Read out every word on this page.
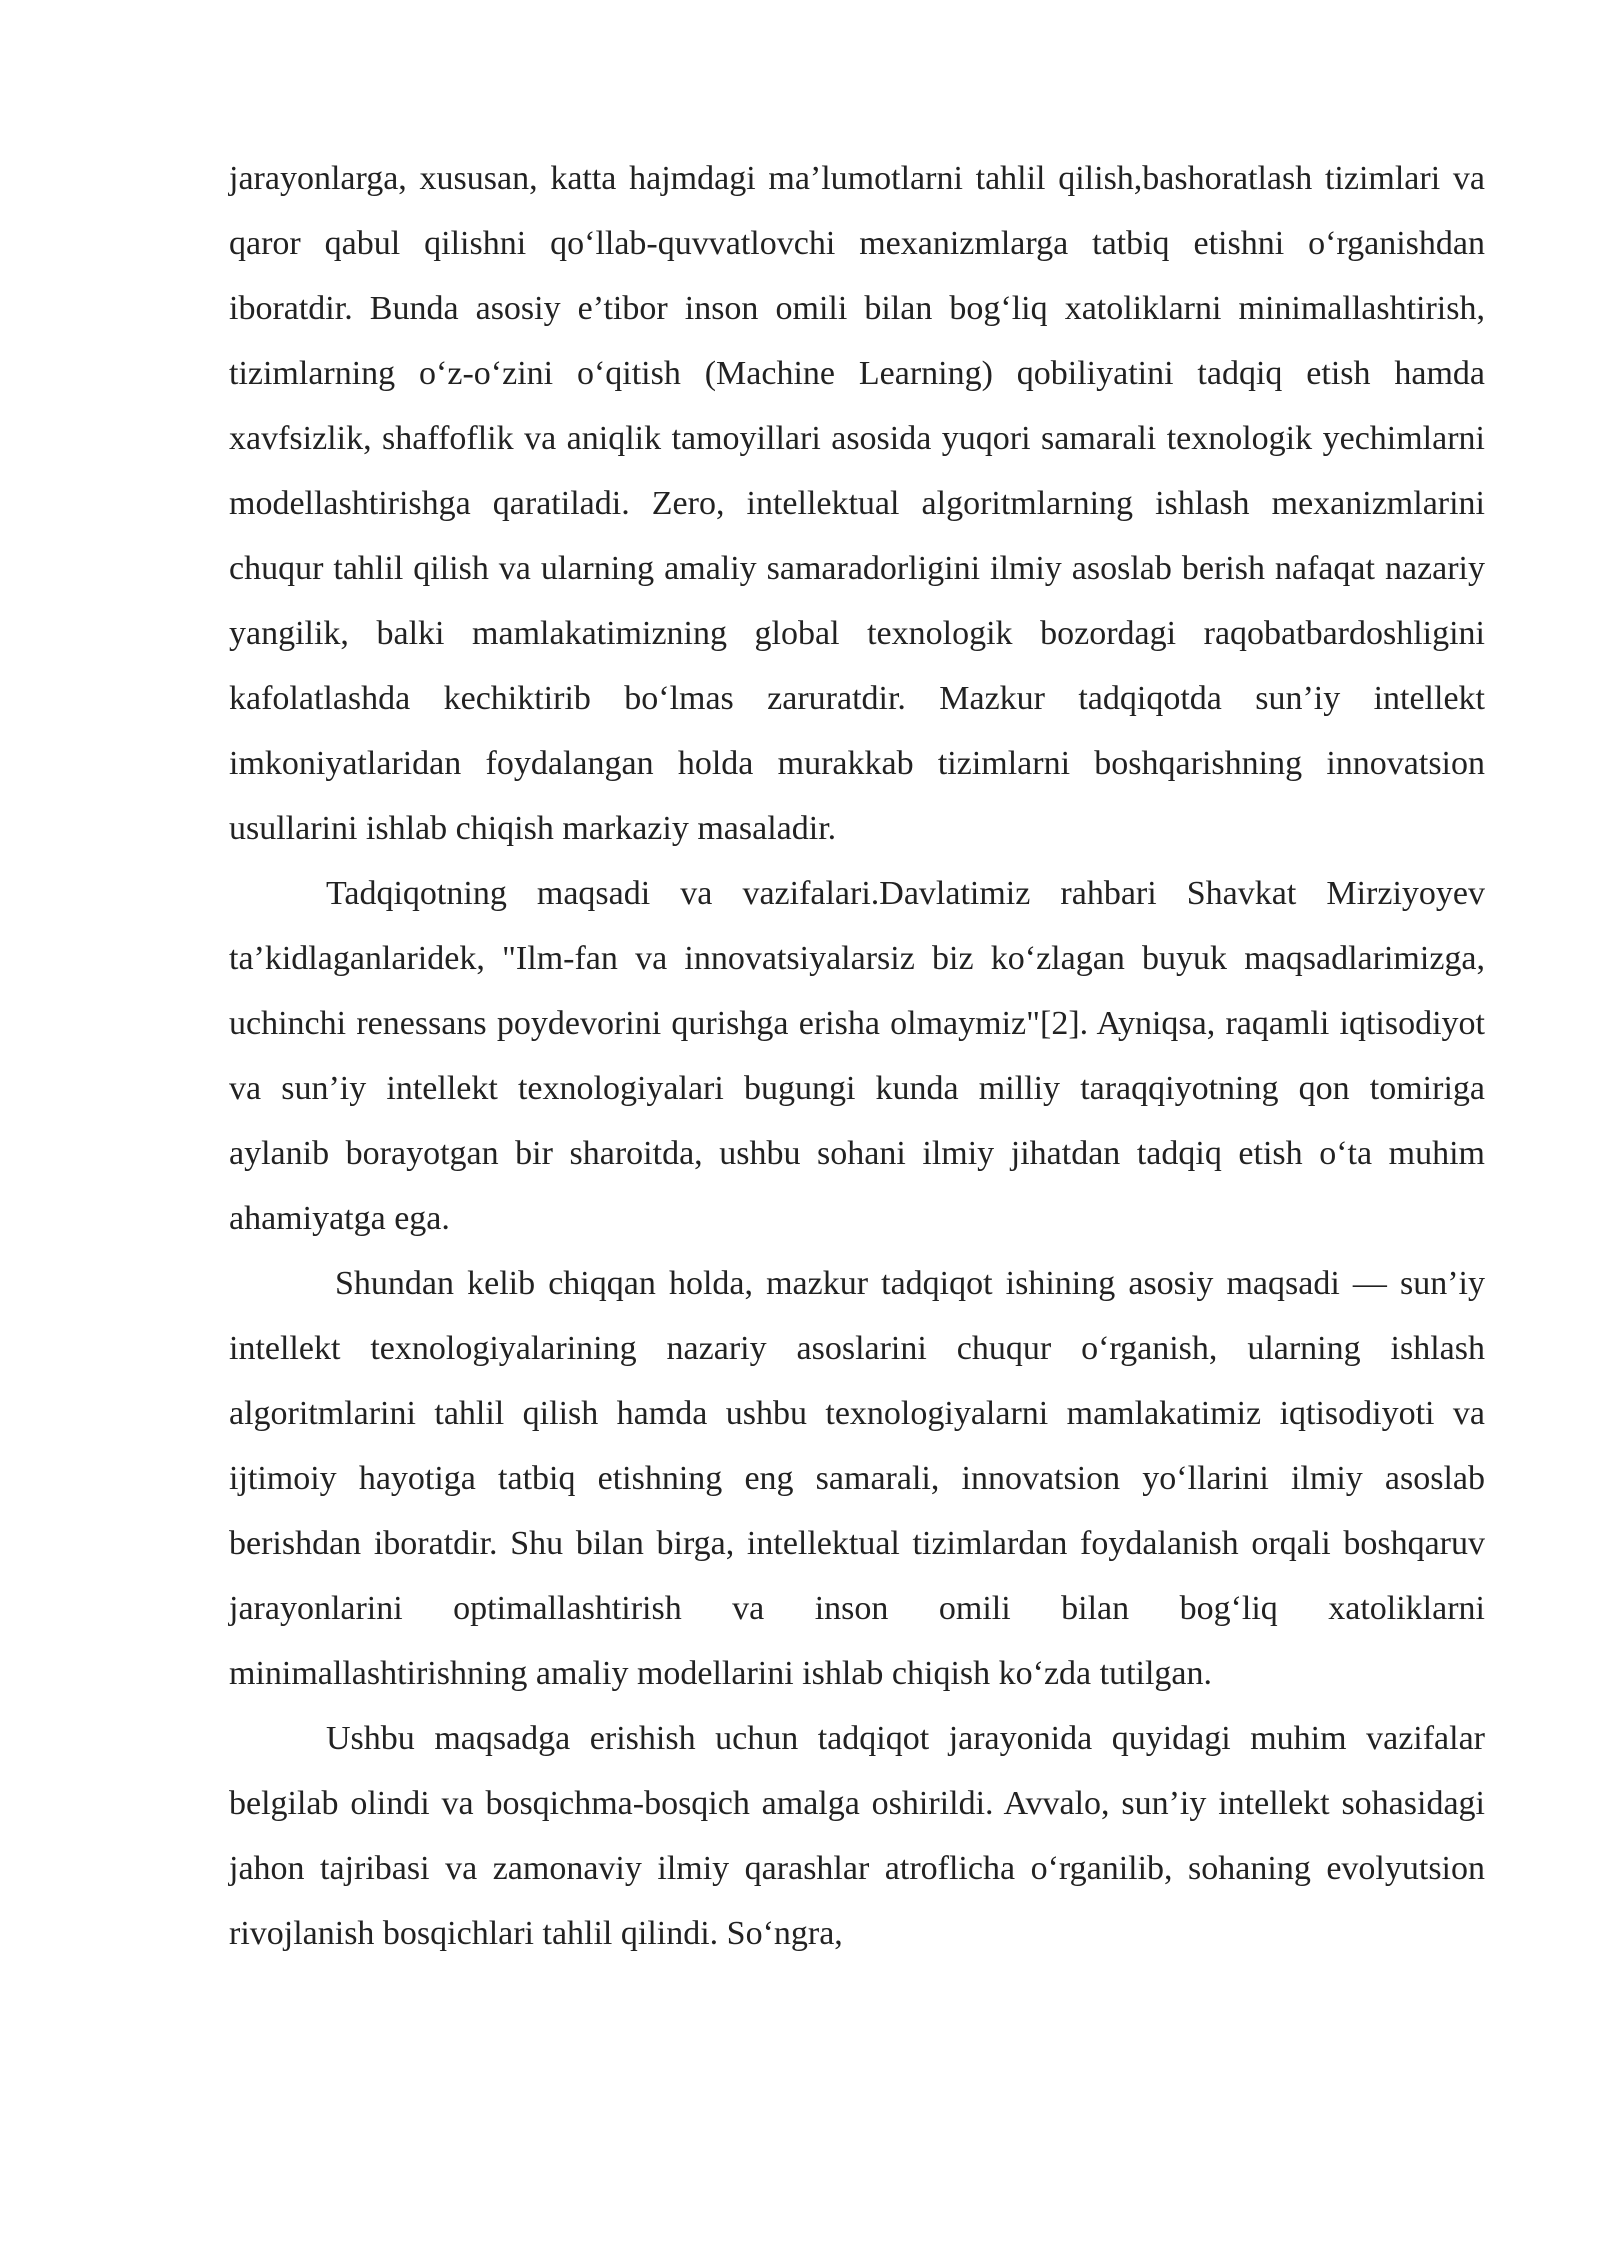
jarayonlarga, xususan, katta hajmdagi ma’lumotlarni tahlil qilish,bashoratlash tizimlari va qaror qabul qilishni qo‘llab-quvvatlovchi mexanizmlarga tatbiq etishni o‘rganishdan iboratdir. Bunda asosiy e’tibor inson omili bilan bog‘liq xatoliklarni minimallashtirish, tizimlarning o‘z-o‘zini o‘qitish (Machine Learning) qobiliyatini tadqiq etish hamda xavfsizlik, shaffoflik va aniqlik tamoyillari asosida yuqori samarali texnologik yechimlarni modellashtirishga qaratiladi. Zero, intellektual algoritmlarning ishlash mexanizmlarini chuqur tahlil qilish va ularning amaliy samaradorligini ilmiy asoslab berish nafaqat nazariy yangilik, balki mamlakatimizning global texnologik bozordagi raqobatbardoshligini kafolatlashda kechiktirib bo‘lmas zaruratdir. Mazkur tadqiqotda sun’iy intellekt imkoniyatlaridan foydalangan holda murakkab tizimlarni boshqarishning innovatsion usullarini ishlab chiqish markaziy masaladir.

Tadqiqotning maqsadi va vazifalari.Davlatimiz rahbari Shavkat Mirziyoyev ta’kidlaganlaridek, "Ilm-fan va innovatsiyalarsiz biz ko‘zlagan buyuk maqsadlarimizga, uchinchi renessans poydevorini qurishga erisha olmaymiz"[2]. Ayniqsa, raqamli iqtisodiyot va sun’iy intellekt texnologiyalari bugungi kunda milliy taraqqiyotning qon tomiriga aylanib borayotgan bir sharoitda, ushbu sohani ilmiy jihatdan tadqiq etish o‘ta muhim ahamiyatga ega.

Shundan kelib chiqqan holda, mazkur tadqiqot ishining asosiy maqsadi — sun’iy intellekt texnologiyalarining nazariy asoslarini chuqur o‘rganish, ularning ishlash algoritmlarini tahlil qilish hamda ushbu texnologiyalarni mamlakatimiz iqtisodiyoti va ijtimoiy hayotiga tatbiq etishning eng samarali, innovatsion yo‘llarini ilmiy asoslab berishdan iboratdir. Shu bilan birga, intellektual tizimlardan foydalanish orqali boshqaruv jarayonlarini optimallashtirish va inson omili bilan bog‘liq xatoliklarni minimallashtirishning amaliy modellarini ishlab chiqish ko‘zda tutilgan.

Ushbu maqsadga erishish uchun tadqiqot jarayonida quyidagi muhim vazifalar belgilab olindi va bosqichma-bosqich amalga oshirildi. Avvalo, sun’iy intellekt sohasidagi jahon tajribasi va zamonaviy ilmiy qarashlar atroflicha o‘rganilib, sohaning evolyutsion rivojlanish bosqichlari tahlil qilindi. So‘ngra,
